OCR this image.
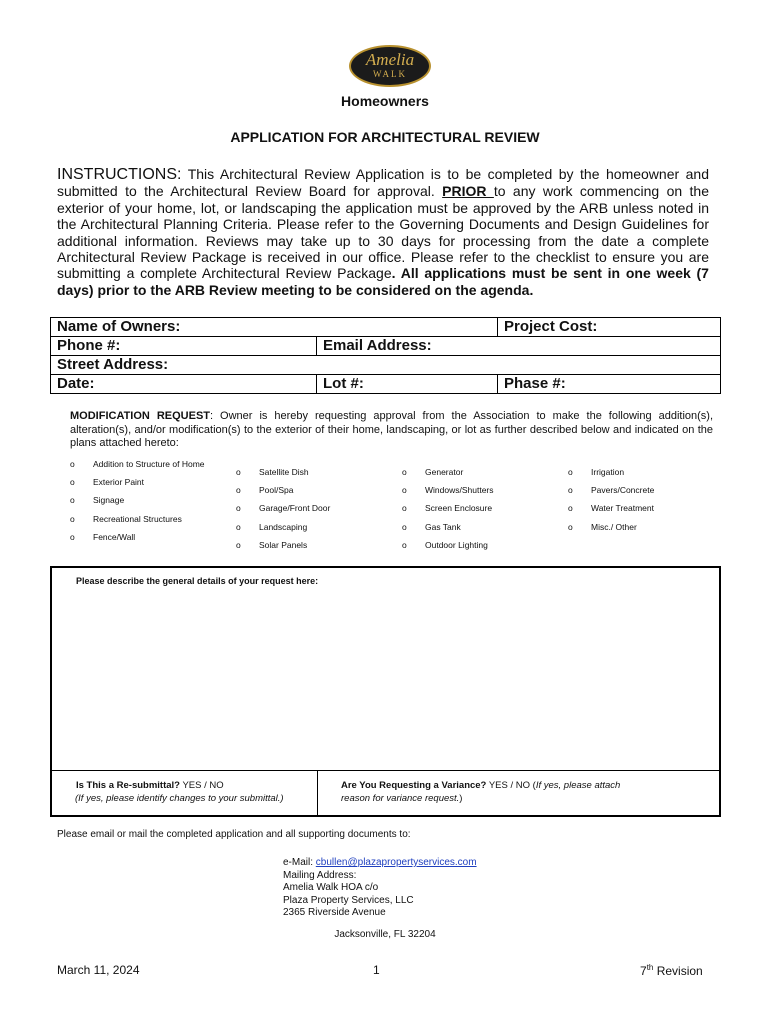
Amelia
WALK
Homeowners
APPLICATION FOR ARCHITECTURAL REVIEW
INSTRUCTIONS: This Architectural Review Application is to be completed by the homeowner and submitted to the Architectural Review Board for approval. PRIOR to any work commencing on the exterior of your home, lot, or landscaping the application must be approved by the ARB unless noted in the Architectural Planning Criteria. Please refer to the Governing Documents and Design Guidelines for additional information. Reviews may take up to 30 days for processing from the date a complete Architectural Review Package is received in our office. Please refer to the checklist to ensure you are submitting a complete Architectural Review Package. All applications must be sent in one week (7 days) prior to the ARB Review meeting to be considered on the agenda.
Name of Owners:		Project Cost:
Phone #:	Email Address:	
Street Address:		
Date:	Lot #:	Phase #:
MODIFICATION REQUEST: Owner is hereby requesting approval from the Association to make the following addition(s), alteration(s), and/or modification(s) to the exterior of their home, landscaping, or lot as further described below and indicated on the plans attached hereto:
o Addition to Structure of Home
o Exterior Paint
o Signage
o Recreational Structures
o Fence/Wall
o Satellite Dish
o Pool/Spa
o Garage/Front Door
o Landscaping
o Solar Panels
o Generator
o Windows/Shutters
o Screen Enclosure
o Gas Tank
o Outdoor Lighting
o Irrigation
o Pavers/Concrete
o Water Treatment
o Misc./ Other
Please describe the general details of your request here:
Is This a Re-submittal? YES / NO
(If yes, please identify changes to your submittal.)
Are You Requesting a Variance? YES / NO (If yes, please attach reason for variance request.)
Please email or mail the completed application and all supporting documents to:
e-Mail: cbullen@plazapropertyservices.com
Mailing Address:
Amelia Walk HOA c/o
Plaza Property Services, LLC
2365 Riverside Avenue
Jacksonville, FL 32204
March 11, 2024	1	7th Revision
